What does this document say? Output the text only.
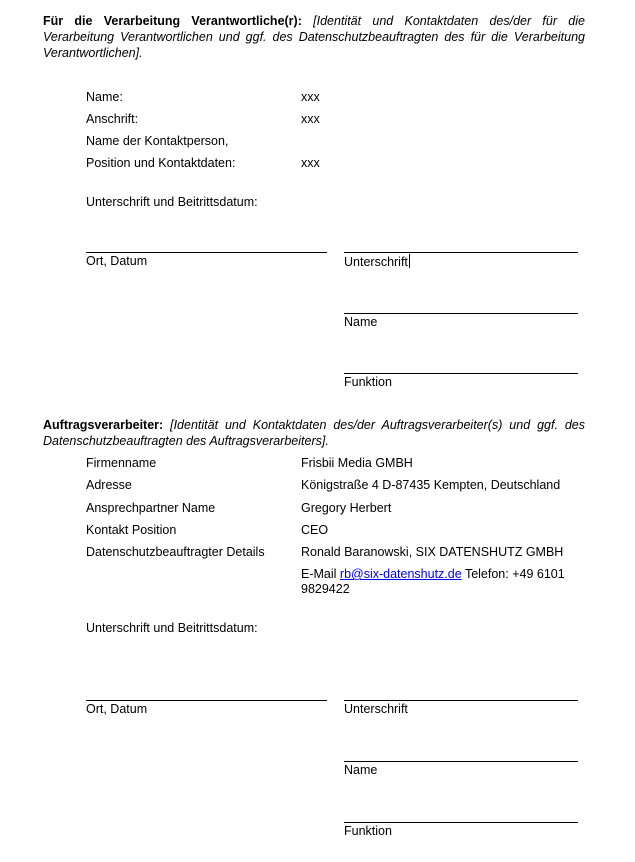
Für die Verarbeitung Verantwortliche(r): [Identität und Kontaktdaten des/der für die Verarbeitung Verantwortlichen und ggf. des Datenschutzbeauftragten des für die Verarbeitung Verantwortlichen].
Name:	xxx
Anschrift:	xxx
Name der Kontaktperson,
Position und Kontaktdaten:	xxx
Unterschrift und Beitrittsdatum:
Ort, Datum	Unterschrift
Name
Funktion
Auftragsverarbeiter: [Identität und Kontaktdaten des/der Auftragsverarbeiter(s) und ggf. des Datenschutzbeauftragten des Auftragsverarbeiters].
Firmenname	Frisbii Media GMBH
Adresse	Königstraße 4 D-87435 Kempten, Deutschland
Ansprechpartner Name	Gregory Herbert
Kontakt Position	CEO
Datenschutzbeauftragter Details	Ronald Baranowski, SIX DATENSHUTZ GMBH
E-Mail rb@six-datenshutz.de Telefon: +49 6101
9829422
Unterschrift und Beitrittsdatum:
Ort, Datum	Unterschrift
Name
Funktion
